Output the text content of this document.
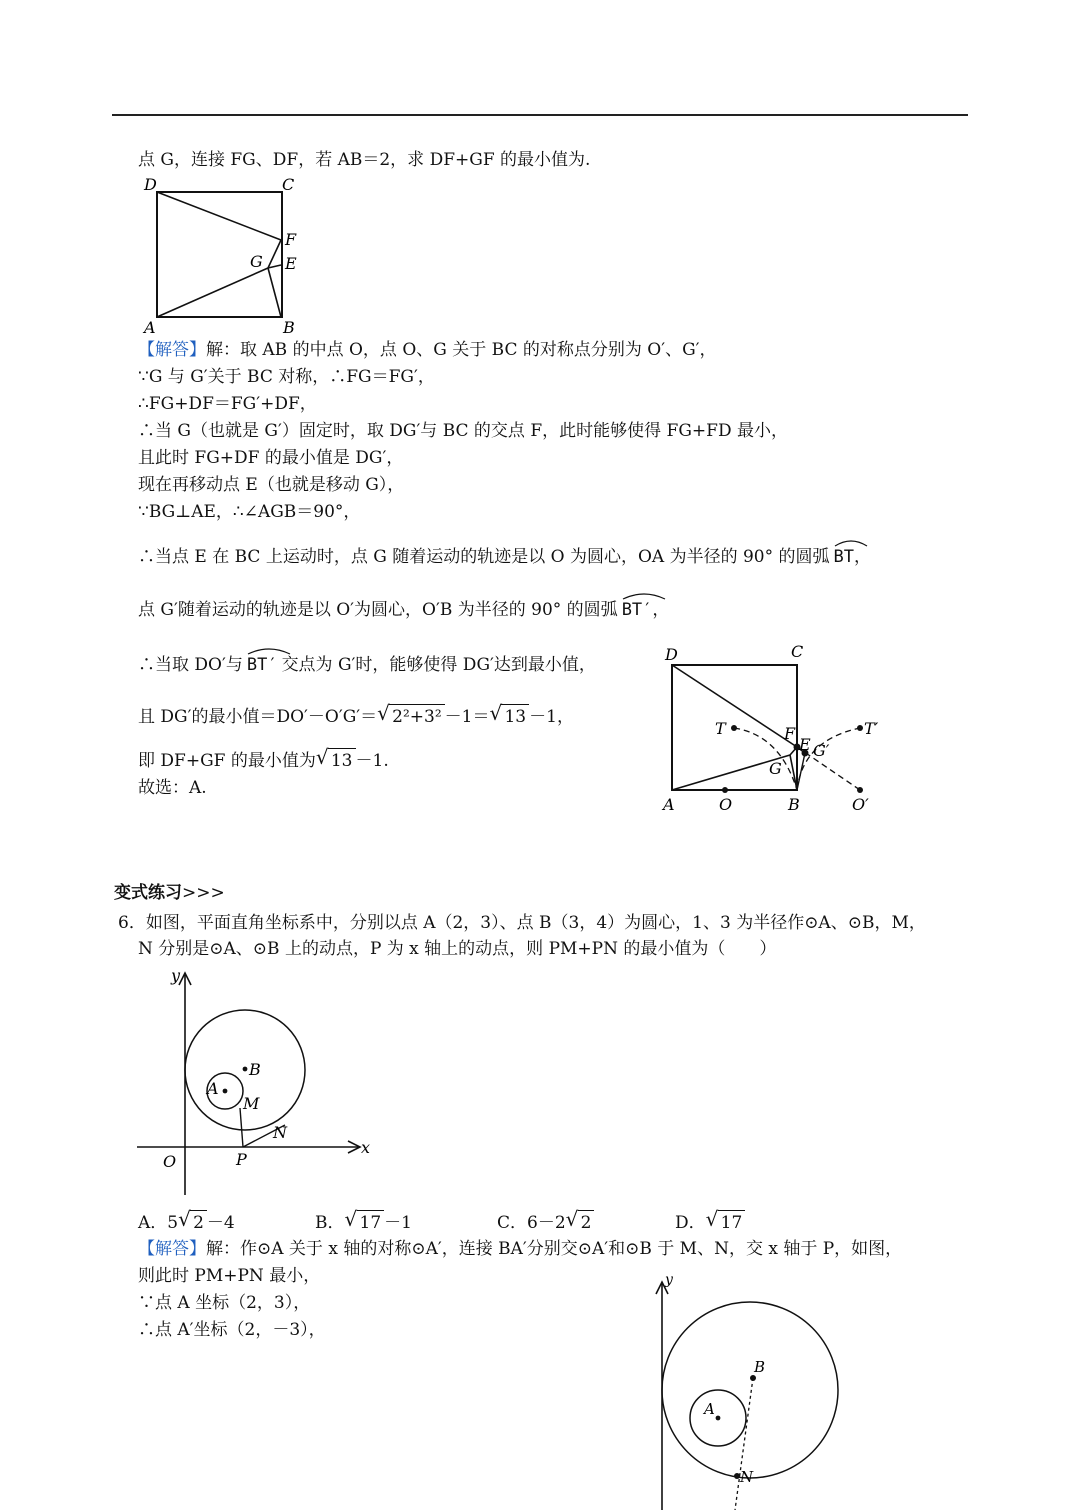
点 G，连接 FG、DF，若 AB＝2，求 DF+GF 的最小值为.
D	C
F
G E
A	B
【解答】解：取 AB 的中点 O，点 O、G 关于 BC 的对称点分别为 O′、G′，
∵G 与 G′关于 BC 对称，∴FG＝FG′，
∴FG+DF＝FG′+DF，
∴当 G（也就是 G′）固定时，取 DG′与 BC 的交点 F，此时能够使得 FG+FD 最小，
且此时 FG+DF 的最小值是 DG′，
现在再移动点 E（也就是移动 G），
∵BG⊥AE，∴∠AGB＝90°，
∴当点 E 在 BC 上运动时，点 G 随着运动的轨迹是以 O 为圆心，OA 为半径的 90° 的圆弧 BT，
点 G′随着运动的轨迹是以 O′为圆心，O′B 为半径的 90° 的圆弧 BT′，
∴当取 DO′与 BT′ 交点为 G′时，能够使得 DG′达到最小值，
且 DG′的最小值＝DO′－O′G′＝ √ 2²+3² －1＝ √ 13 －1，
即 DF+GF 的最小值为 √ 13 －1.
故选：A.
D	C
T	F
E G′
T′
G
A	O	B	O′
变式练习>>>
6．如图，平面直角坐标系中，分别以点 A（2，3）、点 B（3，4）为圆心，1、3 为半径作⊙A、⊙B，M，
N 分别是⊙A、⊙B 上的动点，P 为 x 轴上的动点，则 PM+PN 的最小值为（　　）
y
x
O
A
B
M
N
P
A．5 √ 2 －4	B． √ 17 －1	C．6－2 √ 2	D． √ 17
【解答】解：作⊙A 关于 x 轴的对称⊙A′，连接 BA′分别交⊙A′和⊙B 于 M、N，交 x 轴于 P，如图，
则此时 PM+PN 最小，
∵点 A 坐标（2，3），
∴点 A′坐标（2，－3），
y
A
B
N
